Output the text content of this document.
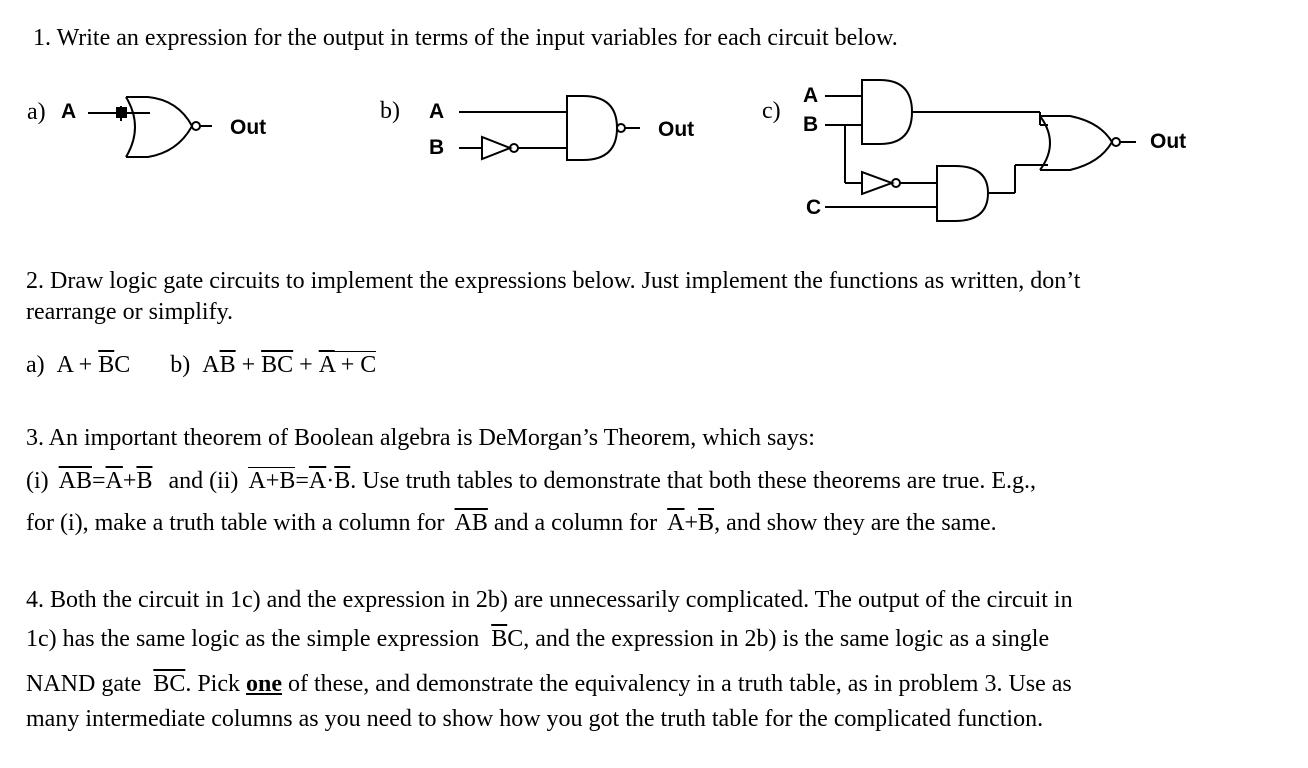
1. Write an expression for the output in terms of the input variables for each circuit below.
a) A
Out
b) A
B
Out
c)
A
B
C
Out
2. Draw logic gate circuits to implement the expressions below. Just implement the functions as written, don’t
rearrange or simplify.
a) $A + \overline{B}C$ b) $A\overline{B} + \overline{BC} + \overline{A} + C$
3. An important theorem of Boolean algebra is DeMorgan’s Theorem, which says:
(i) $\overline{AB}=\overline{A}+\overline{B}$ and (ii) $A+B=\overline{A}\cdot\overline{B}$. Use truth tables to demonstrate that both these theorems are true. E.g.,
for (i), make a truth table with a column for $\overline{AB}$ and a column for $\overline{A}+\overline{B}$, and show they are the same.
4. Both the circuit in 1c) and the expression in 2b) are unnecessarily complicated. The output of the circuit in
1c) has the same logic as the simple expression $\overline{B}C$, and the expression in 2b) is the same logic as a single
NAND gate $\overline{BC}$. Pick one of these, and demonstrate the equivalency in a truth table, as in problem 3. Use as
many intermediate columns as you need to show how you got the truth table for the complicated function.
